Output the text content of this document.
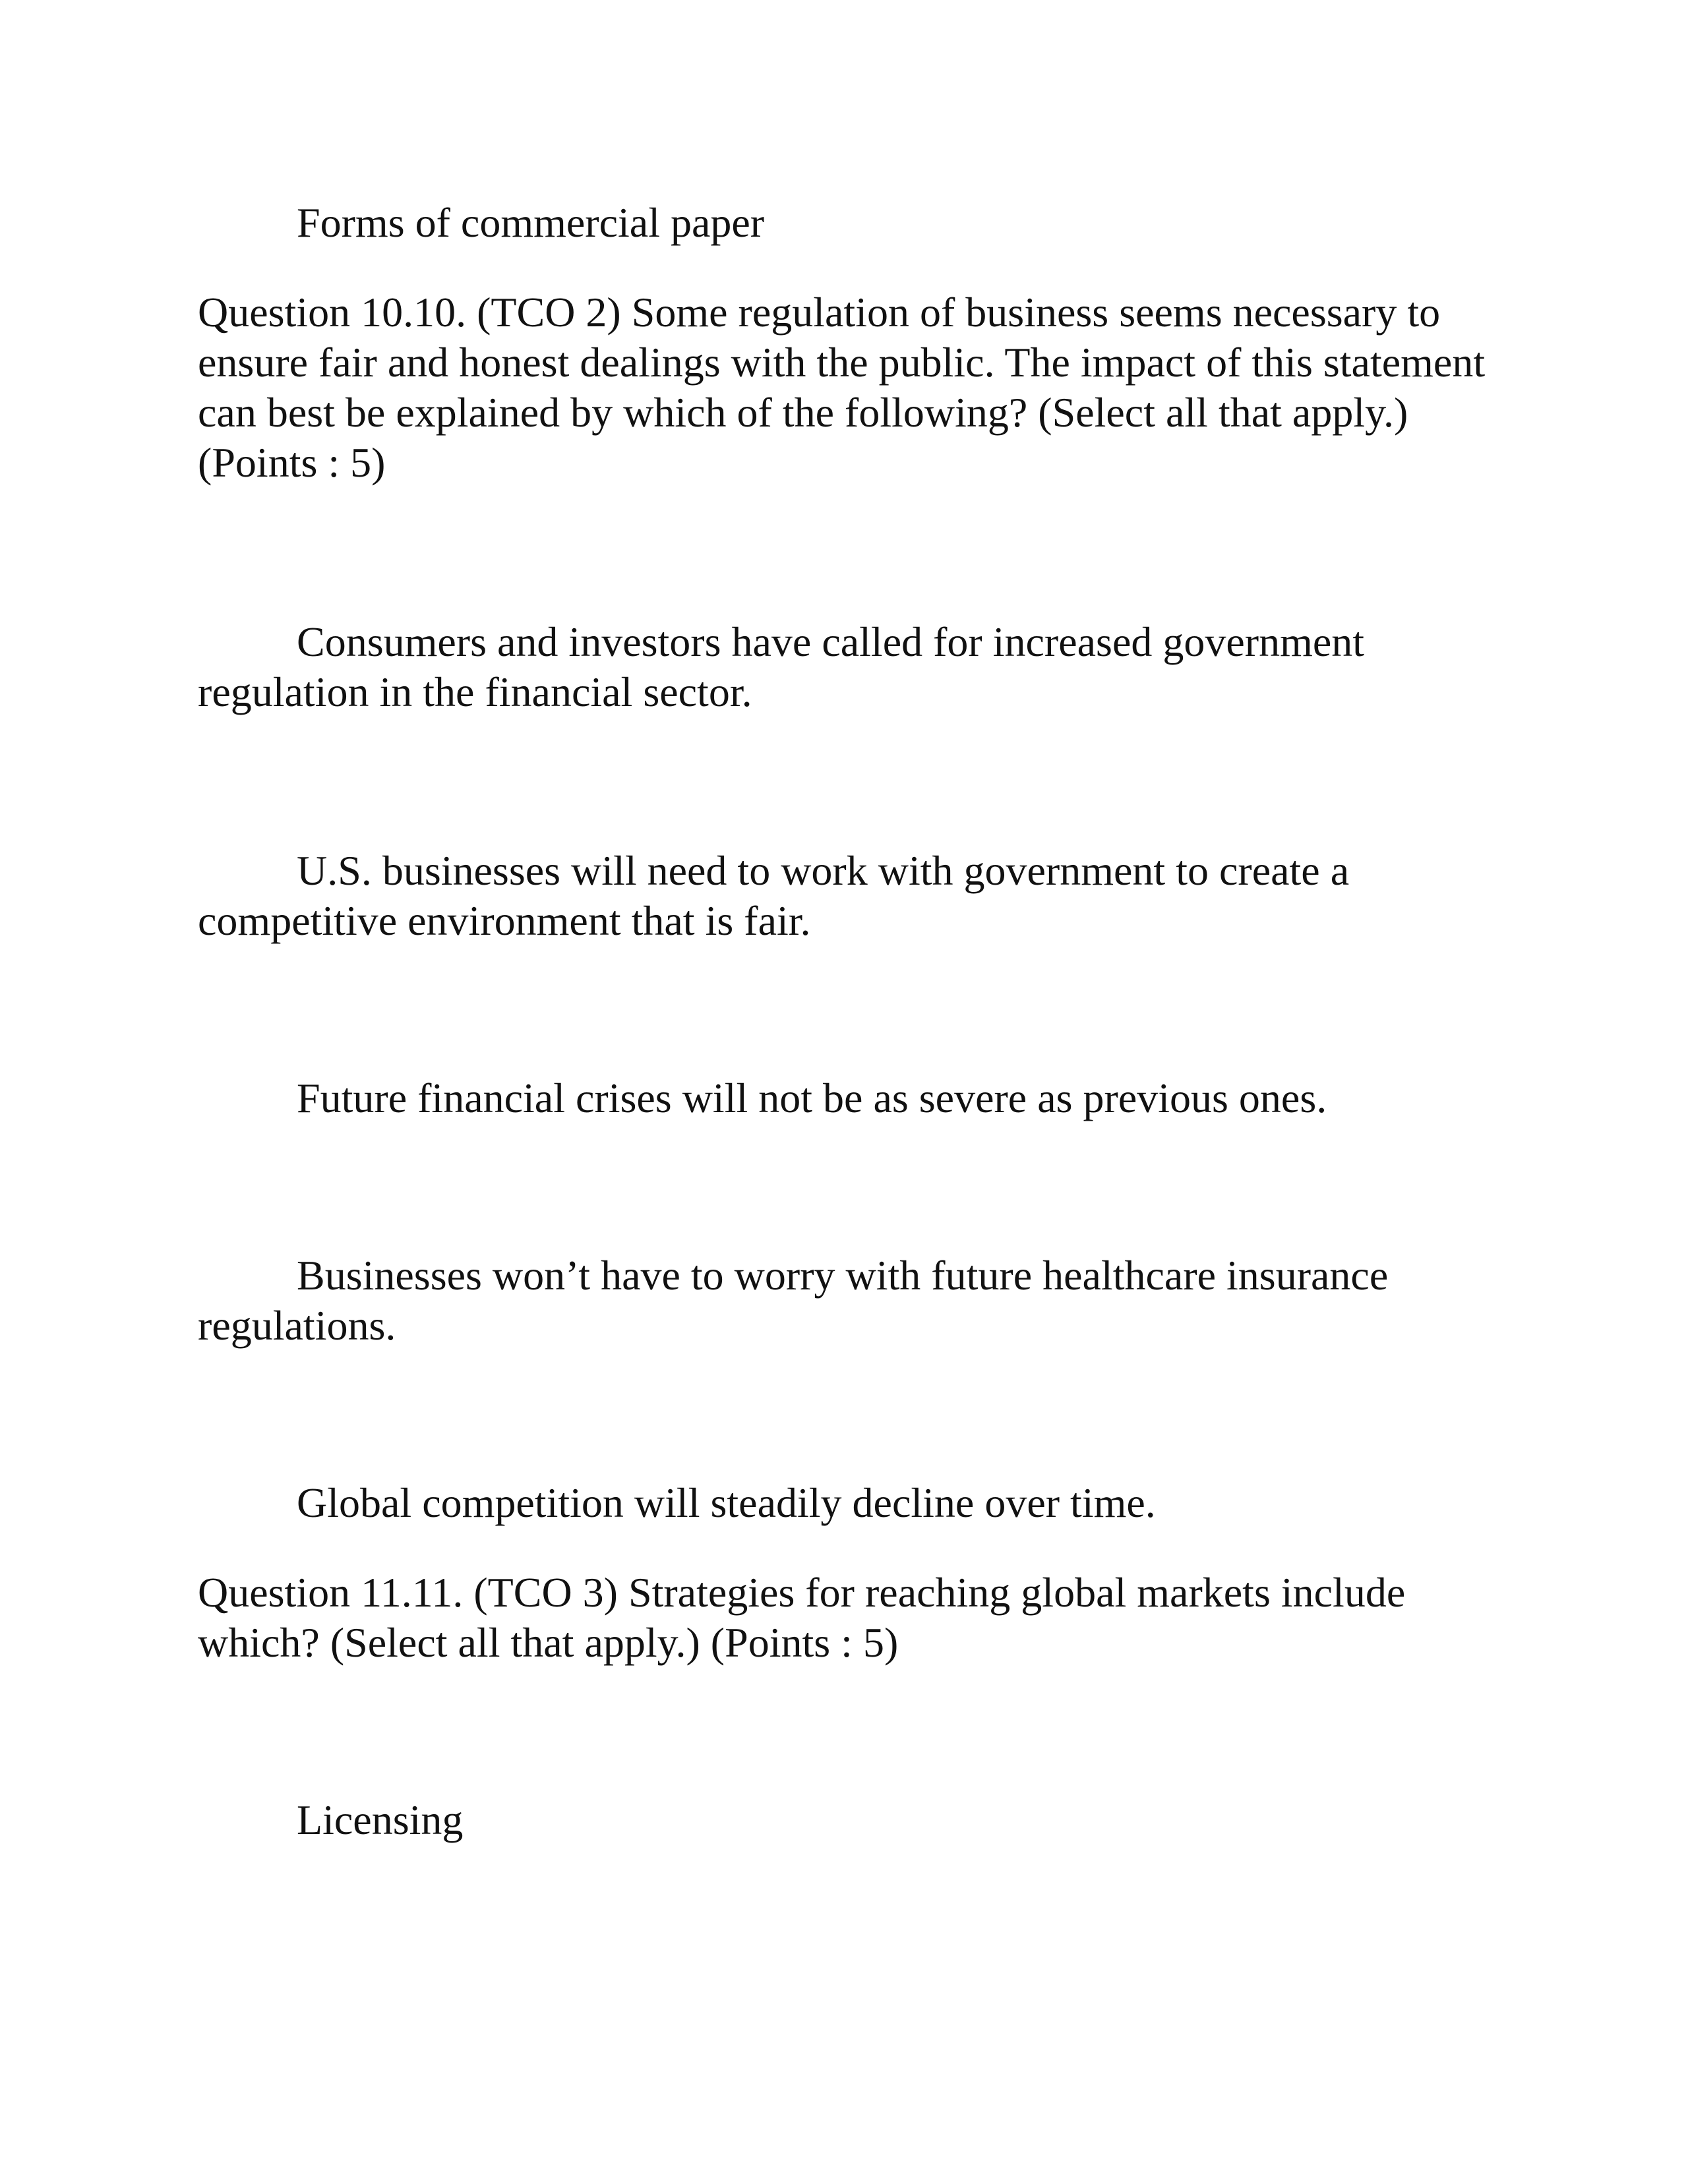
Forms of commercial paper

Question 10.10. (TCO 2) Some regulation of business seems necessary to ensure fair and honest dealings with the public. The impact of this statement can best be explained by which of the following? (Select all that apply.) (Points : 5)

Consumers and investors have called for increased government regulation in the financial sector.

U.S. businesses will need to work with government to create a competitive environment that is fair.

Future financial crises will not be as severe as previous ones.

Businesses won’t have to worry with future healthcare insurance regulations.

Global competition will steadily decline over time.

Question 11.11. (TCO 3) Strategies for reaching global markets include which? (Select all that apply.) (Points : 5)

Licensing
